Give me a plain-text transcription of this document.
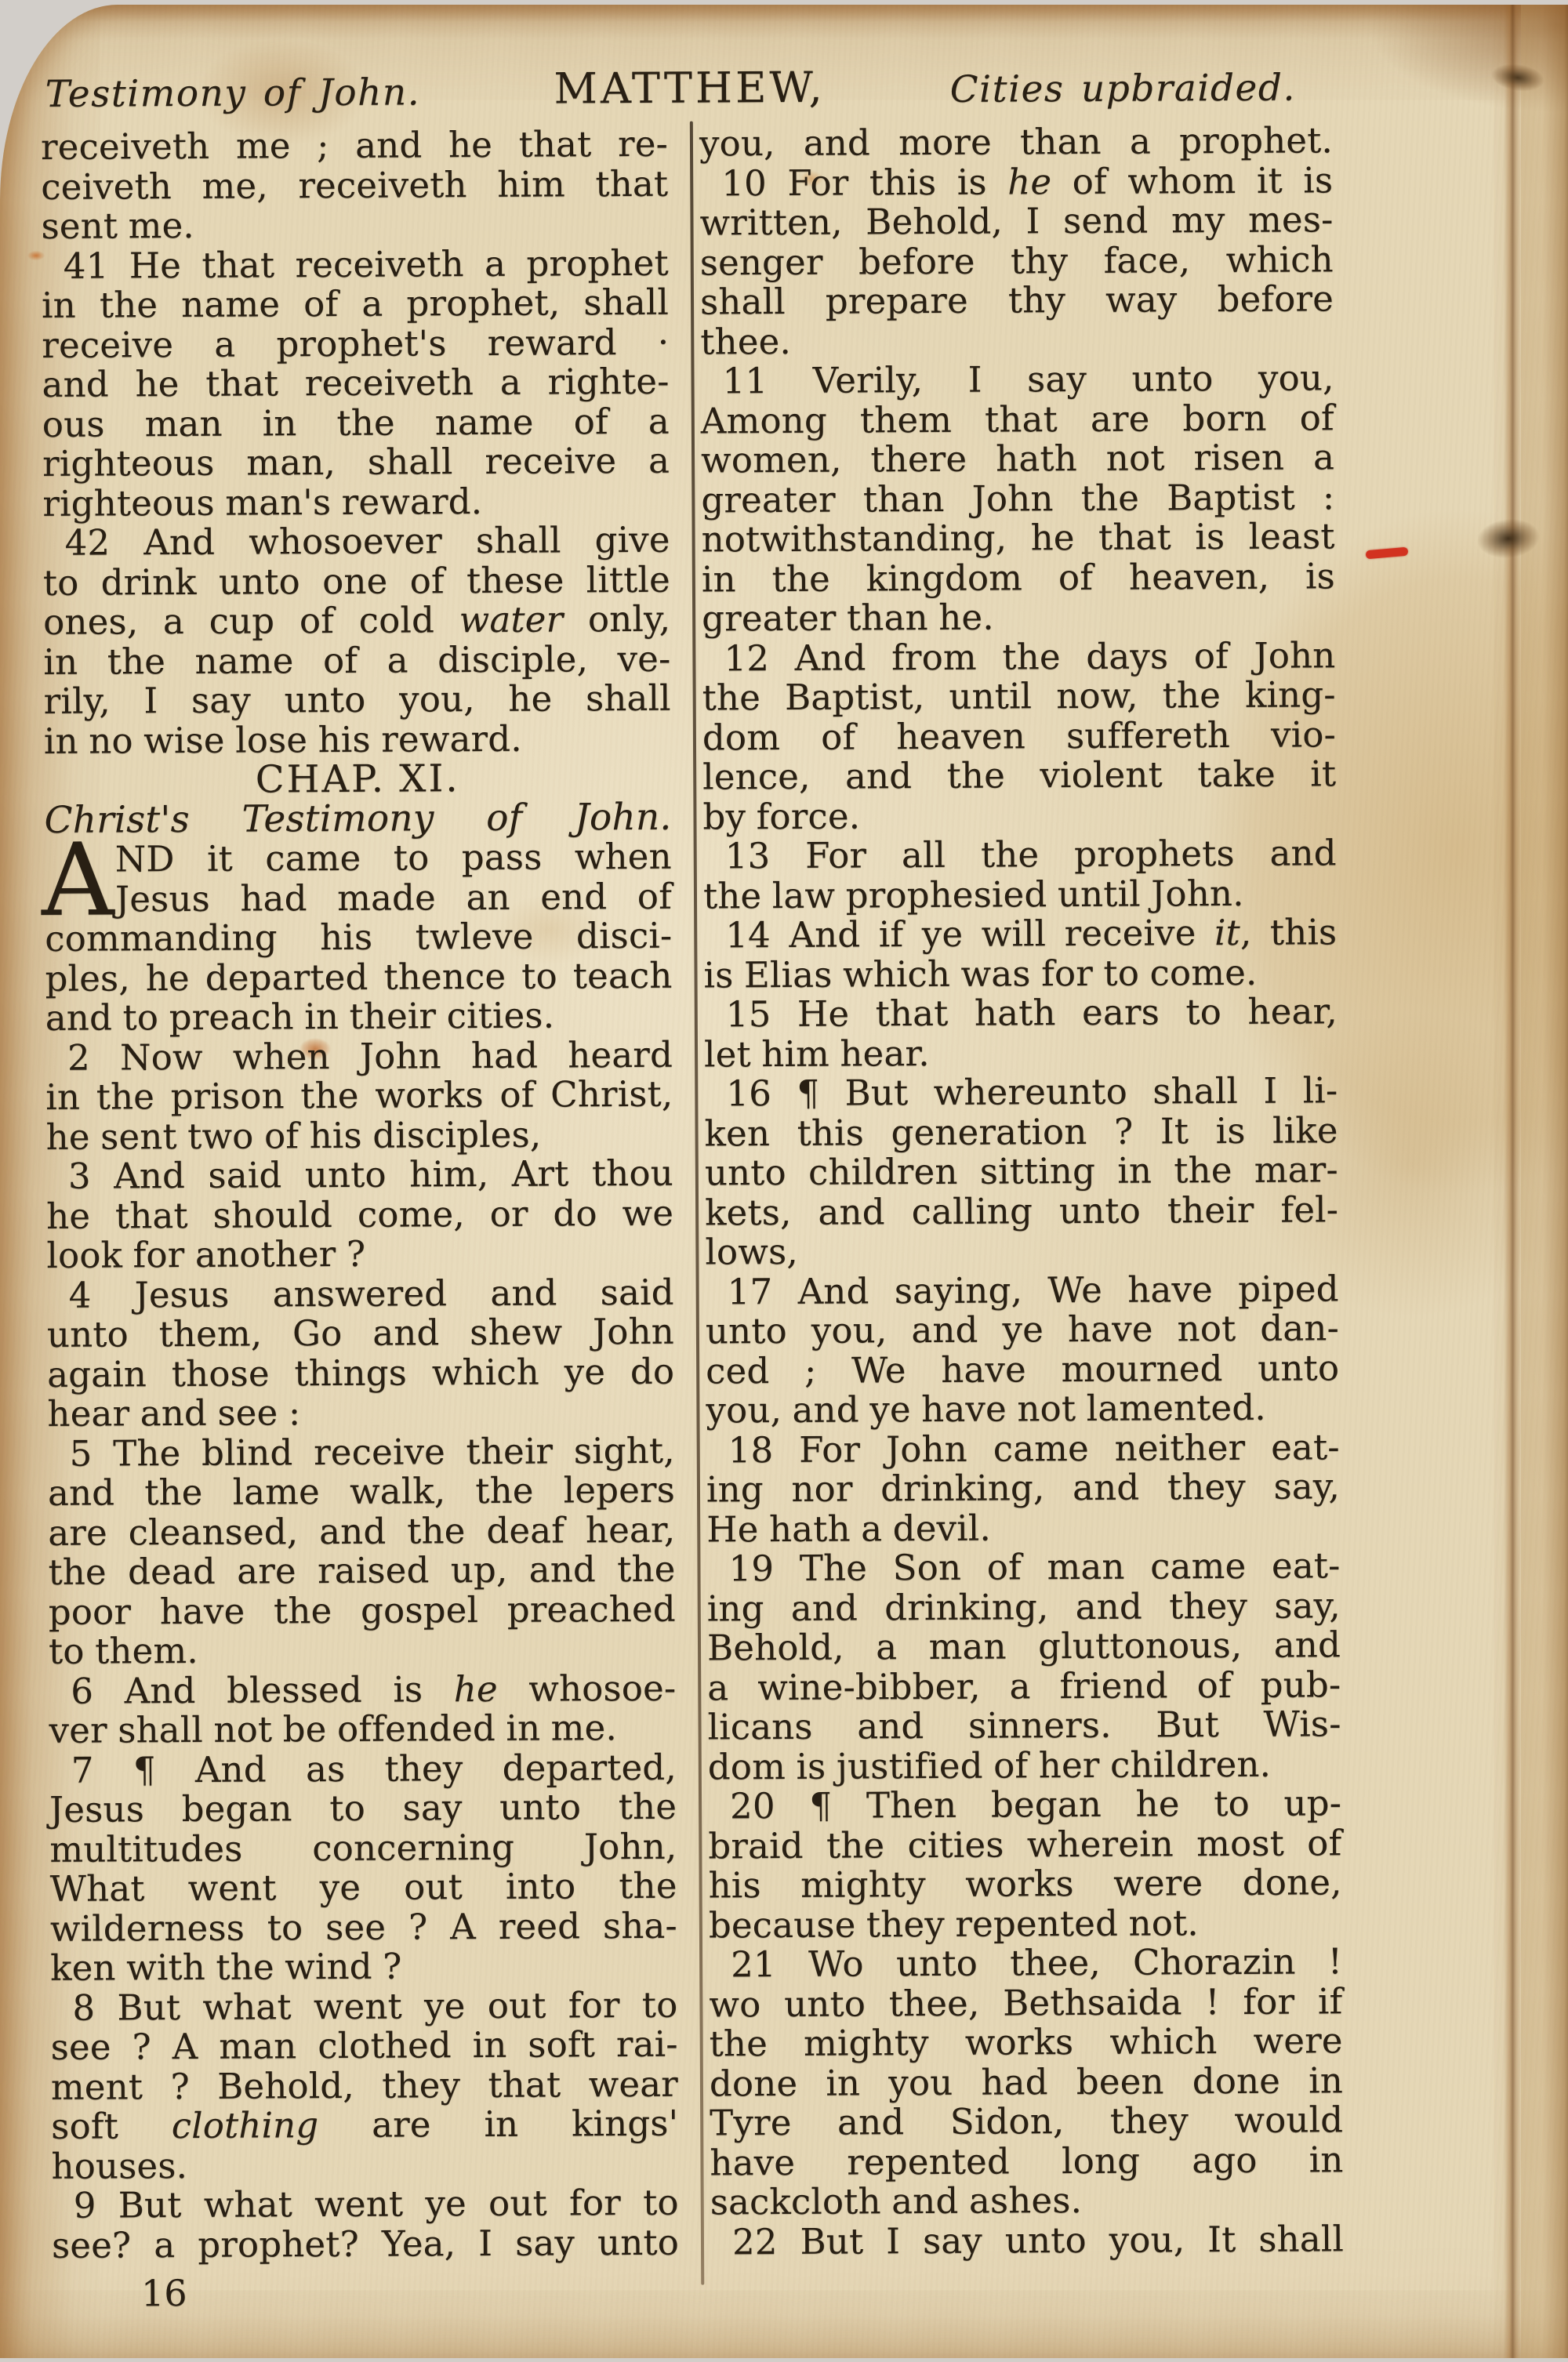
Testimony of John.	MATTHEW,	Cities upbraided.
receiveth me ; and he that re-
ceiveth me, receiveth him that
sent me.
41 He that receiveth a prophet
in the name of a prophet, shall
receive a prophet's reward ·
and he that receiveth a righte-
ous man in the name of a
righteous man, shall receive a
righteous man's reward.
42 And whosoever shall give
to drink unto one of these little
ones, a cup of cold water only,
in the name of a disciple, ve-
rily, I say unto you, he shall
in no wise lose his reward.
CHAP. XI.
Christ's Testimony of John.
A ND it came to pass when
Jesus had made an end of
commanding his twleve disci-
ples, he departed thence to teach
and to preach in their cities.
2 Now when John had heard
in the prison the works of Christ,
he sent two of his disciples,
3 And said unto him, Art thou
he that should come, or do we
look for another ?
4 Jesus answered and said
unto them, Go and shew John
again those things which ye do
hear and see :
5 The blind receive their sight,
and the lame walk, the lepers
are cleansed, and the deaf hear,
the dead are raised up, and the
poor have the gospel preached
to them.
6 And blessed is he whosoe-
ver shall not be offended in me.
7 ¶ And as they departed,
Jesus began to say unto the
multitudes concerning John,
What went ye out into the
wilderness to see ? A reed sha-
ken with the wind ?
8 But what went ye out for to
see ? A man clothed in soft rai-
ment ? Behold, they that wear
soft clothing are in kings'
houses.
9 But what went ye out for to
see? a prophet? Yea, I say unto
you, and more than a prophet.
10 For this is he of whom it is
written, Behold, I send my mes-
senger before thy face, which
shall prepare thy way before
thee.
11 Verily, I say unto you,
Among them that are born of
women, there hath not risen a
greater than John the Baptist :
notwithstanding, he that is least
in the kingdom of heaven, is
greater than he.
12 And from the days of John
the Baptist, until now, the king-
dom of heaven suffereth vio-
lence, and the violent take it
by force.
13 For all the prophets and
the law prophesied until John.
14 And if ye will receive it, this
is Elias which was for to come.
15 He that hath ears to hear,
let him hear.
16 ¶ But whereunto shall I li-
ken this generation ? It is like
unto children sitting in the mar-
kets, and calling unto their fel-
lows,
17 And saying, We have piped
unto you, and ye have not dan-
ced ; We have mourned unto
you, and ye have not lamented.
18 For John came neither eat-
ing nor drinking, and they say,
He hath a devil.
19 The Son of man came eat-
ing and drinking, and they say,
Behold, a man gluttonous, and
a wine-bibber, a friend of pub-
licans and sinners. But Wis-
dom is justified of her children.
20 ¶ Then began he to up-
braid the cities wherein most of
his mighty works were done,
because they repented not.
21 Wo unto thee, Chorazin !
wo unto thee, Bethsaida ! for if
the mighty works which were
done in you had been done in
Tyre and Sidon, they would
have repented long ago in
sackcloth and ashes.
22 But I say unto you, It shall
16
